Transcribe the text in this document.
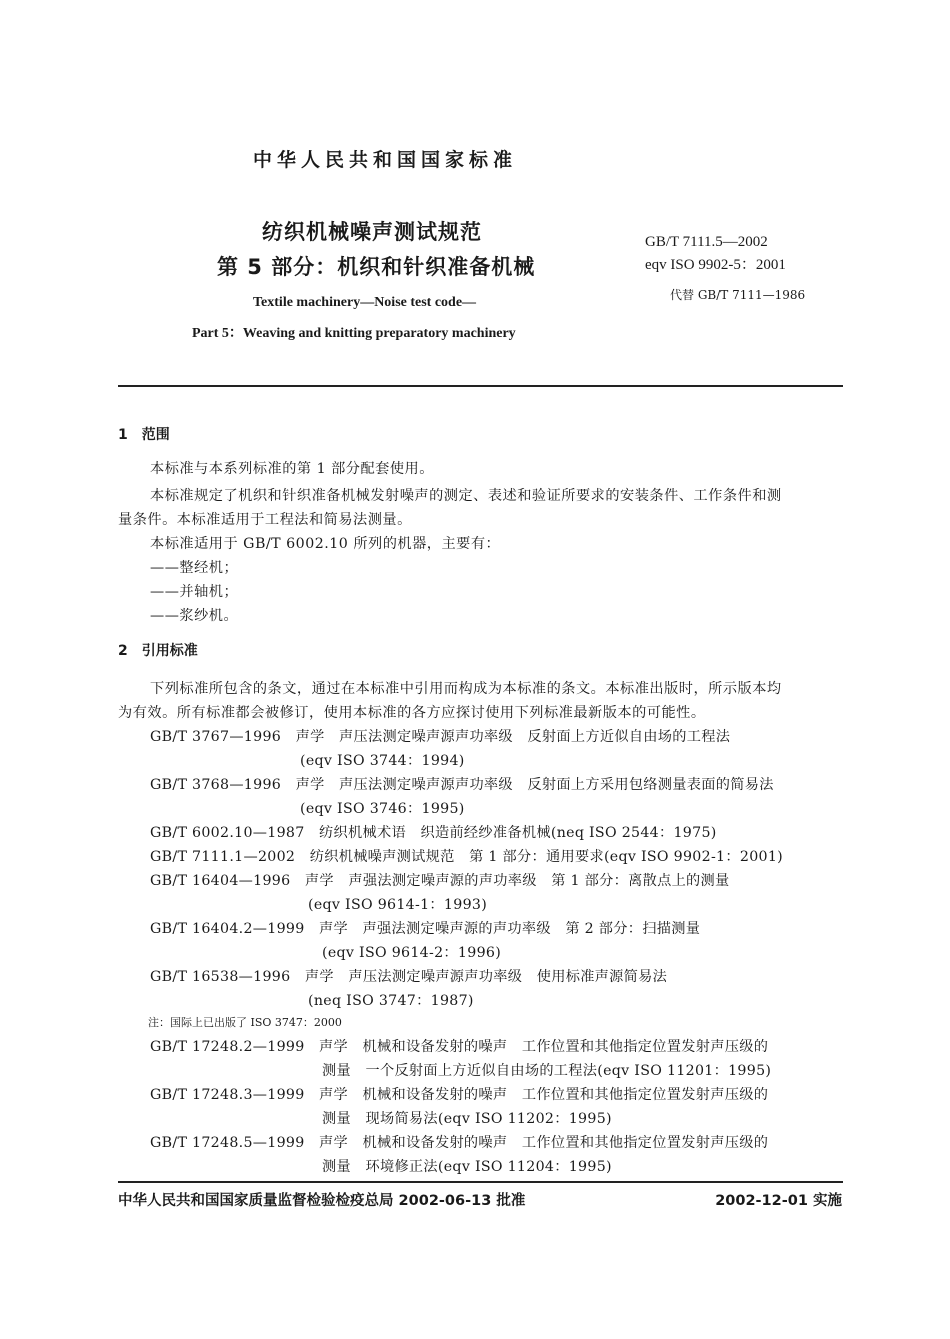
中华人民共和国国家标准
纺织机械噪声测试规范
第 5 部分：机织和针织准备机械
GB/T 7111.5—2002
eqv ISO 9902-5：2001
代替 GB/T 7111—1986
Textile machinery—Noise test code—
Part 5：Weaving and knitting preparatory machinery
1　范围
本标准与本系列标准的第 1 部分配套使用。
本标准规定了机织和针织准备机械发射噪声的测定、表述和验证所要求的安装条件、工作条件和测
量条件。本标准适用于工程法和简易法测量。
本标准适用于 GB/T 6002.10 所列的机器，主要有：
——整经机；
——并轴机；
——浆纱机。
2　引用标准
下列标准所包含的条文，通过在本标准中引用而构成为本标准的条文。本标准出版时，所示版本均
为有效。所有标准都会被修订，使用本标准的各方应探讨使用下列标准最新版本的可能性。
GB/T 3767—1996　声学　声压法测定噪声源声功率级　反射面上方近似自由场的工程法
(eqv ISO 3744：1994)
GB/T 3768—1996　声学　声压法测定噪声源声功率级　反射面上方采用包络测量表面的简易法
(eqv ISO 3746：1995)
GB/T 6002.10—1987　纺织机械术语　织造前经纱准备机械(neq ISO 2544：1975)
GB/T 7111.1—2002　纺织机械噪声测试规范　第 1 部分：通用要求(eqv ISO 9902-1：2001)
GB/T 16404—1996　声学　声强法测定噪声源的声功率级　第 1 部分：离散点上的测量
(eqv ISO 9614-1：1993)
GB/T 16404.2—1999　声学　声强法测定噪声源的声功率级　第 2 部分：扫描测量
(eqv ISO 9614-2：1996)
GB/T 16538—1996　声学　声压法测定噪声源声功率级　使用标准声源简易法
(neq ISO 3747：1987)
注：国际上已出版了 ISO 3747：2000
GB/T 17248.2—1999　声学　机械和设备发射的噪声　工作位置和其他指定位置发射声压级的
测量　一个反射面上方近似自由场的工程法(eqv ISO 11201：1995)
GB/T 17248.3—1999　声学　机械和设备发射的噪声　工作位置和其他指定位置发射声压级的
测量　现场简易法(eqv ISO 11202：1995)
GB/T 17248.5—1999　声学　机械和设备发射的噪声　工作位置和其他指定位置发射声压级的
测量　环境修正法(eqv ISO 11204：1995)
中华人民共和国国家质量监督检验检疫总局 2002-06-13 批准	2002-12-01 实施
